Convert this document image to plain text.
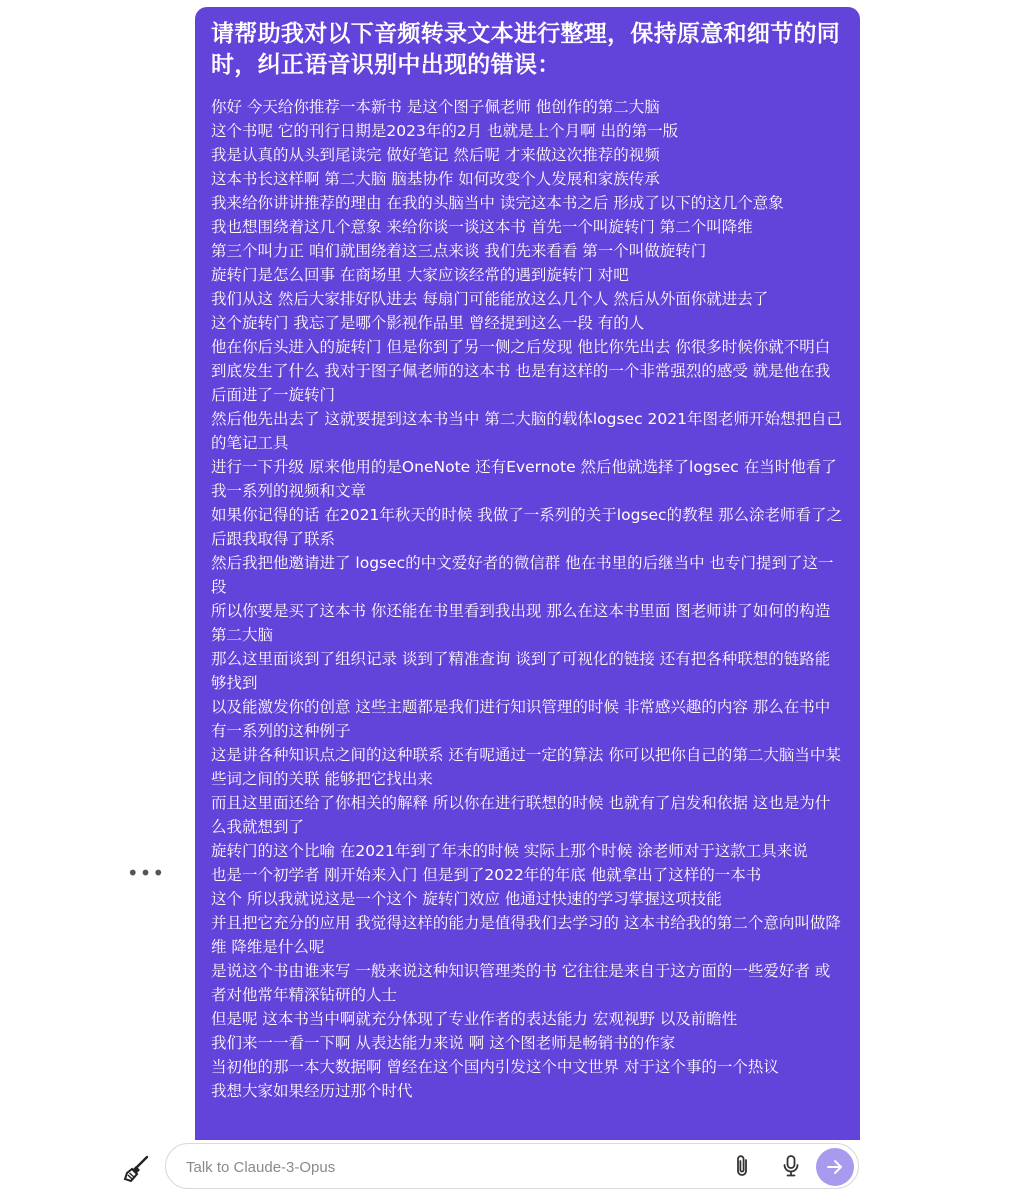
请帮助我对以下音频转录文本进行整理，保持原意和细节的同时，纠正语音识别中出现的错误：
你好 今天给你推荐一本新书 是这个图子佩老师 他创作的第二大脑
这个书呢 它的刊行日期是2023年的2月 也就是上个月啊 出的第一版
我是认真的从头到尾读完 做好笔记 然后呢 才来做这次推荐的视频
这本书长这样啊 第二大脑 脑基协作 如何改变个人发展和家族传承
我来给你讲讲推荐的理由 在我的头脑当中 读完这本书之后 形成了以下的这几个意象
我也想围绕着这几个意象 来给你谈一谈这本书 首先一个叫旋转门 第二个叫降维
第三个叫力正 咱们就围绕着这三点来谈 我们先来看看 第一个叫做旋转门
旋转门是怎么回事 在商场里 大家应该经常的遇到旋转门 对吧
我们从这 然后大家排好队进去 每扇门可能能放这么几个人 然后从外面你就进去了
这个旋转门 我忘了是哪个影视作品里 曾经提到这么一段 有的人
他在你后头进入的旋转门 但是你到了另一侧之后发现 他比你先出去 你很多时候你就不明白
到底发生了什么 我对于图子佩老师的这本书 也是有这样的一个非常强烈的感受 就是他在我后面进了一旋转门
然后他先出去了 这就要提到这本书当中 第二大脑的载体logsec 2021年图老师开始想把自己的笔记工具
进行一下升级 原来他用的是OneNote 还有Evernote 然后他就选择了logsec 在当时他看了我一系列的视频和文章
如果你记得的话 在2021年秋天的时候 我做了一系列的关于logsec的教程 那么涂老师看了之后跟我取得了联系
然后我把他邀请进了 logsec的中文爱好者的微信群 他在书里的后继当中 也专门提到了这一段
所以你要是买了这本书 你还能在书里看到我出现 那么在这本书里面 图老师讲了如何的构造第二大脑
那么这里面谈到了组织记录 谈到了精准查询 谈到了可视化的链接 还有把各种联想的链路能够找到
以及能激发你的创意 这些主题都是我们进行知识管理的时候 非常感兴趣的内容 那么在书中有一系列的这种例子
这是讲各种知识点之间的这种联系 还有呢通过一定的算法 你可以把你自己的第二大脑当中某些词之间的关联 能够把它找出来
而且这里面还给了你相关的解释 所以你在进行联想的时候 也就有了启发和依据 这也是为什么我就想到了
旋转门的这个比喻 在2021年到了年末的时候 实际上那个时候 涂老师对于这款工具来说
也是一个初学者 刚开始来入门 但是到了2022年的年底 他就拿出了这样的一本书
这个 所以我就说这是一个这个 旋转门效应 他通过快速的学习掌握这项技能
并且把它充分的应用 我觉得这样的能力是值得我们去学习的 这本书给我的第二个意向叫做降维 降维是什么呢
是说这个书由谁来写 一般来说这种知识管理类的书 它往往是来自于这方面的一些爱好者 或者对他常年精深钻研的人士
但是呢 这本书当中啊就充分体现了专业作者的表达能力 宏观视野 以及前瞻性
我们来一一看一下啊 从表达能力来说 啊 这个图老师是畅销书的作家
当初他的那一本大数据啊 曾经在这个国内引发这个中文世界 对于这个事的一个热议
我想大家如果经历过那个时代
•••
Talk to Claude-3-Opus
